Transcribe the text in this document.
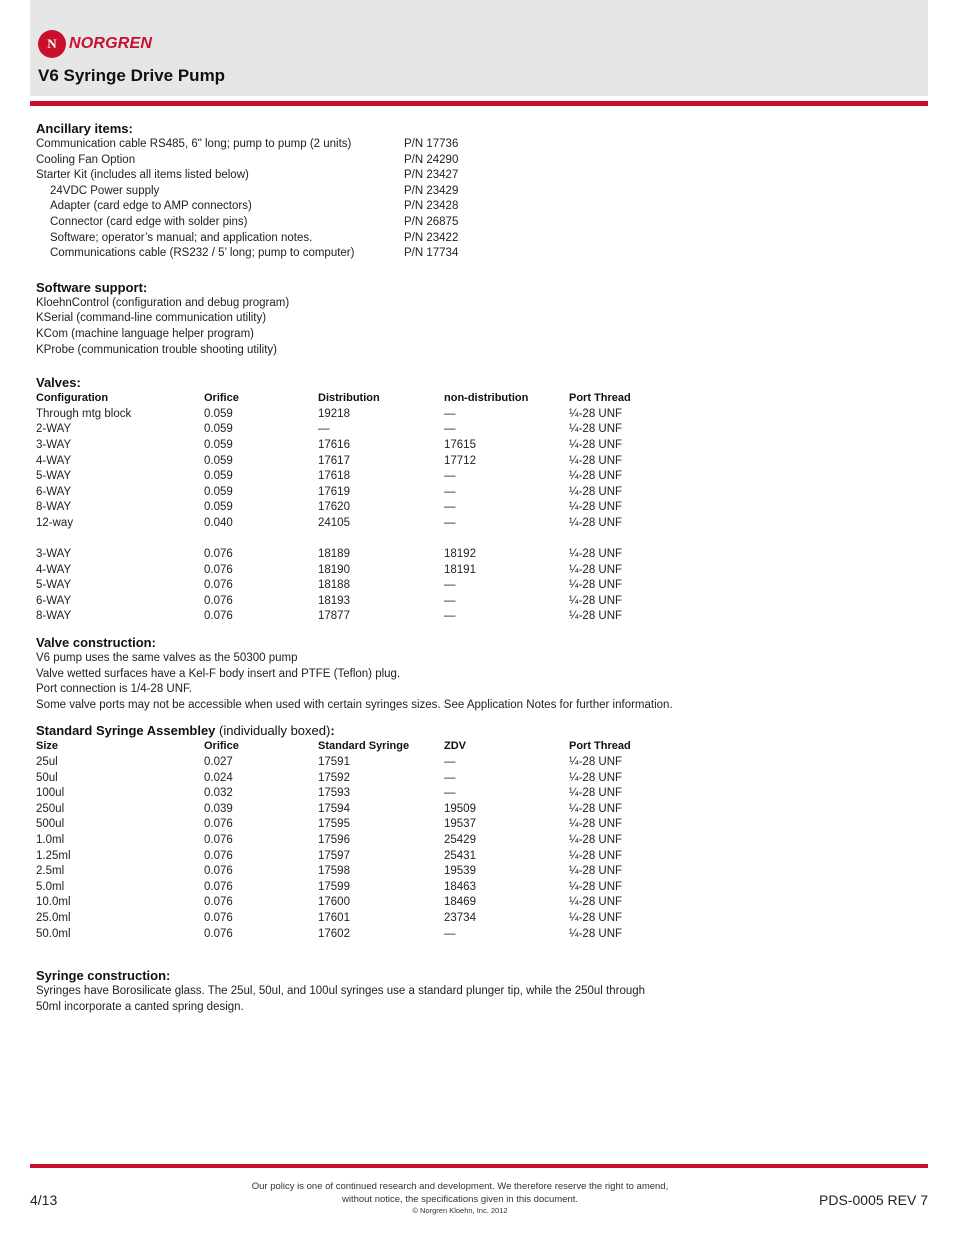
N NORGREN
V6 Syringe Drive Pump
Ancillary items:
Communication cable RS485, 6" long; pump to pump (2 units)	P/N 17736
Cooling Fan Option	P/N 24290
Starter Kit (includes all items listed below)	P/N 23427
24VDC Power supply	P/N 23429
Adapter (card edge to AMP connectors)	P/N 23428
Connector (card edge with solder pins)	P/N 26875
Software; operator’s manual; and application notes.	P/N 23422
Communications cable (RS232 / 5’ long; pump to computer)	P/N 17734
Software support:
KloehnControl (configuration and debug program)
KSerial (command-line communication utility)
KCom (machine language helper program)
KProbe (communication trouble shooting utility)
Valves:
Configuration	Orifice	Distribution	non-distribution	Port Thread
Through mtg block	0.059	19218	—	¼-28 UNF
2-WAY	0.059	—	—	¼-28 UNF
3-WAY	0.059	17616	17615	¼-28 UNF
4-WAY	0.059	17617	17712	¼-28 UNF
5-WAY	0.059	17618	—	¼-28 UNF
6-WAY	0.059	17619	—	¼-28 UNF
8-WAY	0.059	17620	—	¼-28 UNF
12-way	0.040	24105	—	¼-28 UNF
3-WAY	0.076	18189	18192	¼-28 UNF
4-WAY	0.076	18190	18191	¼-28 UNF
5-WAY	0.076	18188	—	¼-28 UNF
6-WAY	0.076	18193	—	¼-28 UNF
8-WAY	0.076	17877	—	¼-28 UNF
Valve construction:
V6 pump uses the same valves as the 50300 pump
Valve wetted surfaces have a Kel-F body insert and PTFE (Teflon) plug.
Port connection is 1/4-28 UNF.
Some valve ports may not be accessible when used with certain syringes sizes. See Application Notes for further information.
Standard Syringe Assembley (individually boxed):
Size	Orifice	Standard Syringe	ZDV	Port Thread
25ul	0.027	17591	—	¼-28 UNF
50ul	0.024	17592	—	¼-28 UNF
100ul	0.032	17593	—	¼-28 UNF
250ul	0.039	17594	19509	¼-28 UNF
500ul	0.076	17595	19537	¼-28 UNF
1.0ml	0.076	17596	25429	¼-28 UNF
1.25ml	0.076	17597	25431	¼-28 UNF
2.5ml	0.076	17598	19539	¼-28 UNF
5.0ml	0.076	17599	18463	¼-28 UNF
10.0ml	0.076	17600	18469	¼-28 UNF
25.0ml	0.076	17601	23734	¼-28 UNF
50.0ml	0.076	17602	—	¼-28 UNF
Syringe construction:
Syringes have Borosilicate glass. The 25ul, 50ul, and 100ul syringes use a standard plunger tip, while the 250ul through
50ml incorporate a canted spring design.
4/13
Our policy is one of continued research and development. We therefore reserve the right to amend,
without notice, the specifications given in this document.
© Norgren Kloehn, Inc. 2012
PDS-0005 REV 7
